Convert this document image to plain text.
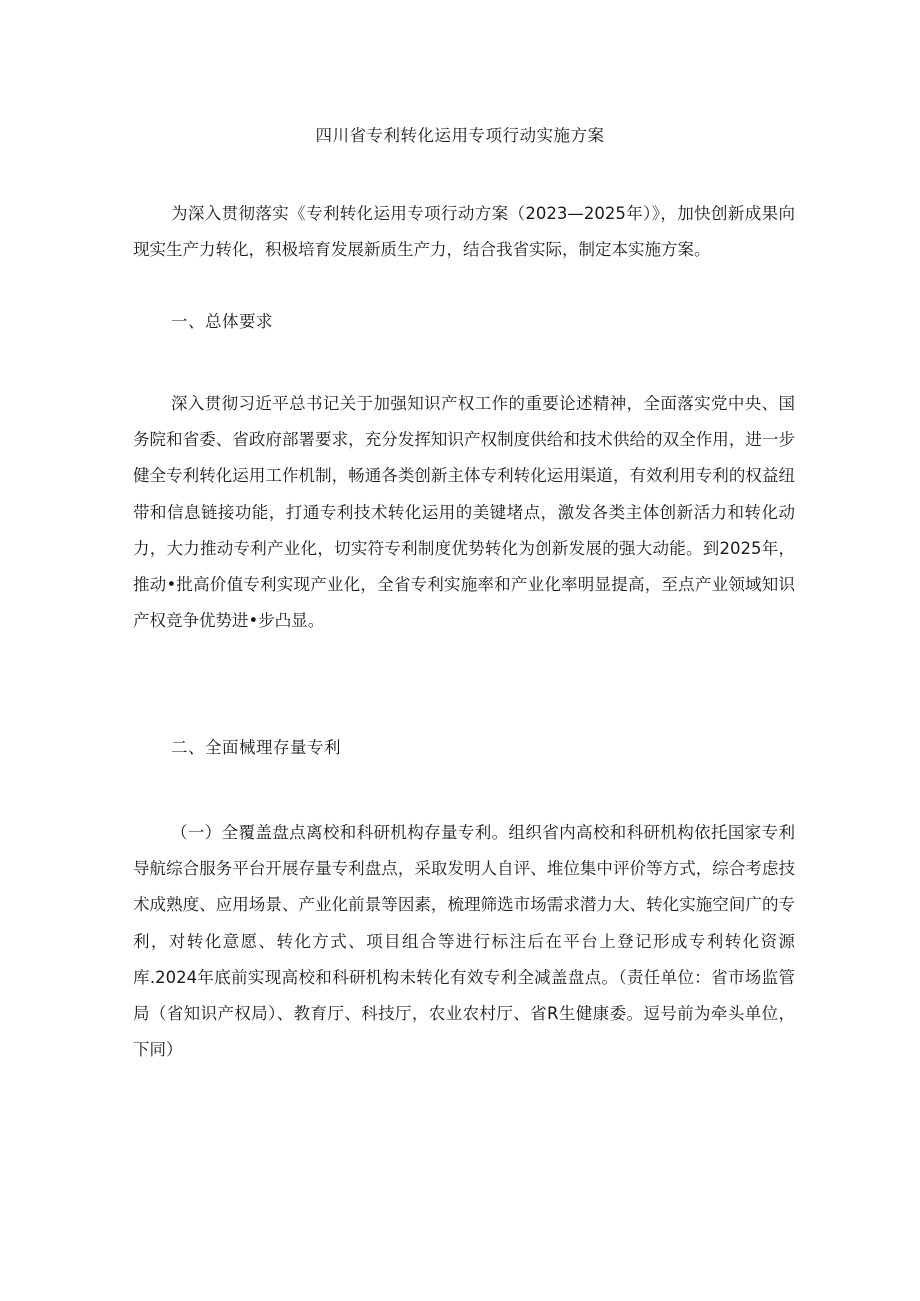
四川省专利转化运用专项行动实施方案

为深入贯彻落实《专利转化运用专项行动方案（2023—2025年）》，加快创新成果向现实生产力转化，积极培育发展新质生产力，结合我省实际，制定本实施方案。

一、总体要求

深入贯彻习近平总书记关于加强知识产权工作的重要论述精神，全面落实党中央、国务院和省委、省政府部署要求，充分发挥知识产权制度供给和技术供给的双全作用，进一步健全专利转化运用工作机制，畅通各类创新主体专利转化运用渠道，有效利用专利的权益纽带和信息链接功能，打通专利技术转化运用的美键堵点，激发各类主体创新活力和转化动力，大力推动专利产业化，切实符专利制度优势转化为创新发展的强大动能。到2025年，推动•批高价值专利实现产业化，全省专利实施率和产业化率明显提高，至点产业领域知识产权竞争优势进•步凸显。

二、全面械理存量专利

（一）全覆盖盘点离校和科研机构存量专利。组织省内高校和科研机构依托国家专利导航综合服务平台开展存量专利盘点，采取发明人自评、堆位集中评价等方式，综合考虑技术成熟度、应用场景、产业化前景等因素，梳理筛选市场需求潜力大、转化实施空间广的专利，对转化意愿、转化方式、项目组合等进行标注后在平台上登记形成专利转化资源库.2024年底前实现高校和科研机构未转化有效专利全减盖盘点。（责任单位：省市场监管局（省知识产权局）、教育厅、科技厅，农业农村厅、省R生健康委。逗号前为牵头单位，下同）
